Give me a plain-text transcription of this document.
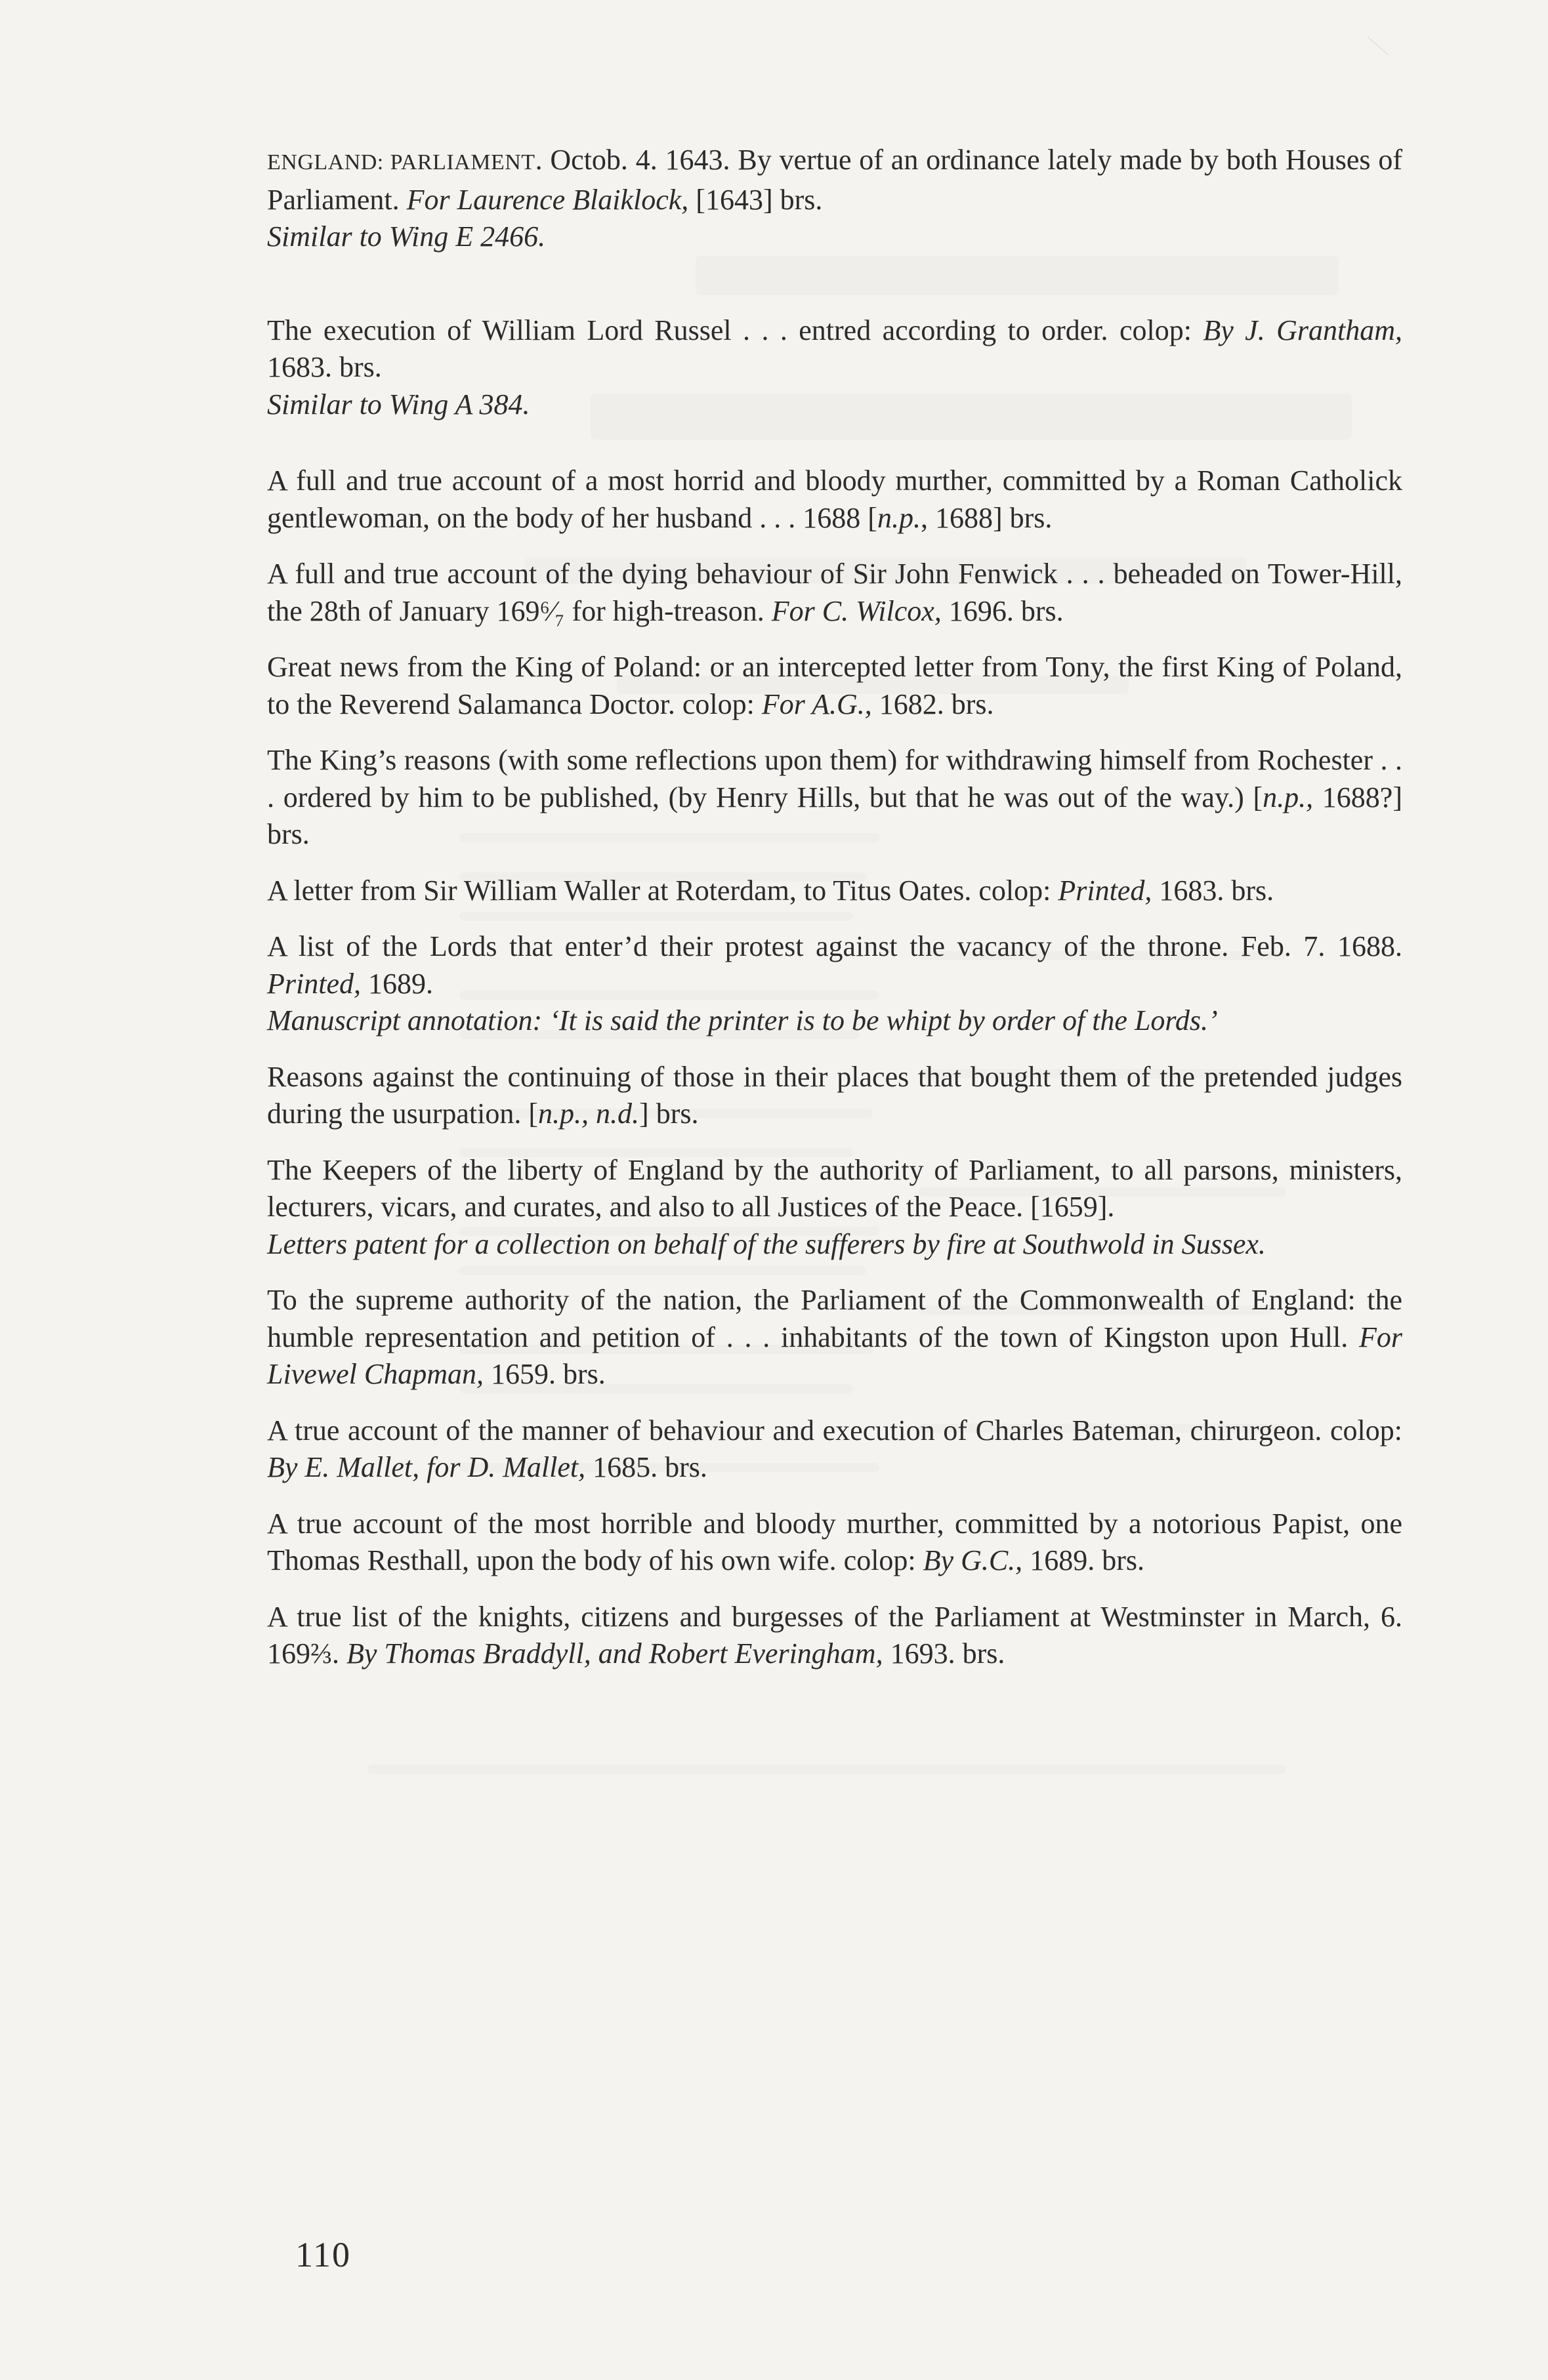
ENGLAND: PARLIAMENT. Octob. 4. 1643. By vertue of an ordinance lately made by both Houses of Parliament. For Laurence Blaiklock, [1643] brs.

Similar to Wing E 2466.

The execution of William Lord Russel . . . entred according to order. colop: By J. Grantham, 1683. brs.

Similar to Wing A 384.

A full and true account of a most horrid and bloody murther, committed by a Roman Catholick gentlewoman, on the body of her husband . . . 1688 [n.p., 1688] brs.

A full and true account of the dying behaviour of Sir John Fenwick . . . beheaded on Tower-Hill, the 28th of January 169⁶⁄₇ for high-treason. For C. Wilcox, 1696. brs.

Great news from the King of Poland: or an intercepted letter from Tony, the first King of Poland, to the Reverend Salamanca Doctor. colop: For A.G., 1682. brs.

The King’s reasons (with some reflections upon them) for withdrawing himself from Rochester . . . ordered by him to be published, (by Henry Hills, but that he was out of the way.) [n.p., 1688?] brs.

A letter from Sir William Waller at Roterdam, to Titus Oates. colop: Printed, 1683. brs.

A list of the Lords that enter’d their protest against the vacancy of the throne. Feb. 7. 1688. Printed, 1689.

Manuscript annotation: ‘It is said the printer is to be whipt by order of the Lords.’

Reasons against the continuing of those in their places that bought them of the pretended judges during the usurpation. [n.p., n.d.] brs.

The Keepers of the liberty of England by the authority of Parliament, to all parsons, ministers, lecturers, vicars, and curates, and also to all Justices of the Peace. [1659].

Letters patent for a collection on behalf of the sufferers by fire at Southwold in Sussex.

To the supreme authority of the nation, the Parliament of the Commonwealth of England: the humble representation and petition of . . . inhabitants of the town of Kingston upon Hull. For Livewel Chapman, 1659. brs.

A true account of the manner of behaviour and execution of Charles Bateman, chirurgeon. colop: By E. Mallet, for D. Mallet, 1685. brs.

A true account of the most horrible and bloody murther, committed by a notorious Papist, one Thomas Resthall, upon the body of his own wife. colop: By G.C., 1689. brs.

A true list of the knights, citizens and burgesses of the Parliament at Westminster in March, 6. 169⅔. By Thomas Braddyll, and Robert Everingham, 1693. brs.

110
